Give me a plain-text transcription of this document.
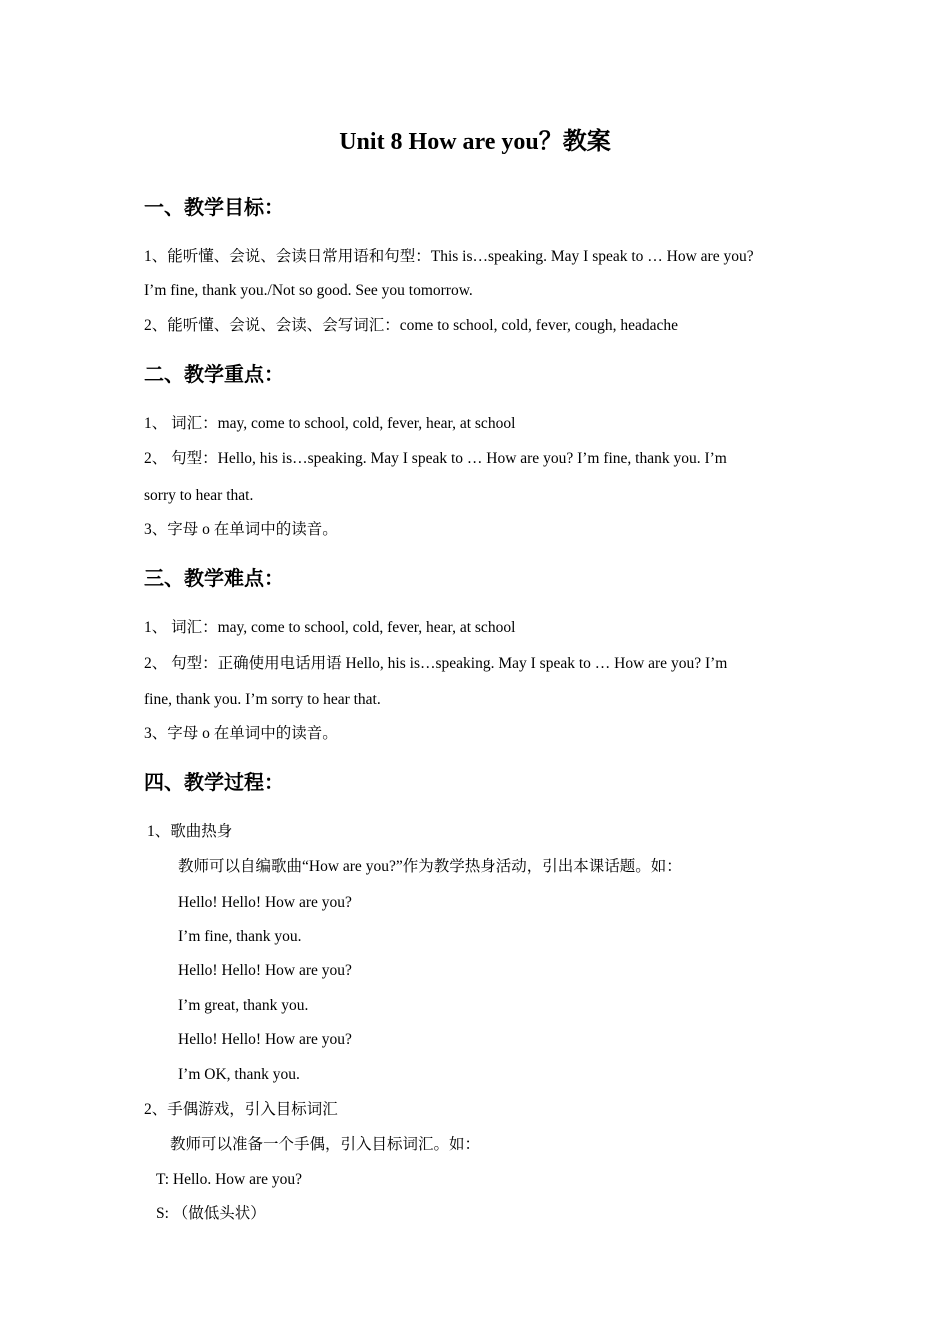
Unit 8 How are you？教案
一、教学目标：
1、能听懂、会说、会读日常用语和句型：This is…speaking. May I speak to … How are you?
I’m fine, thank you./Not so good. See you tomorrow.
2、能听懂、会说、会读、会写词汇：come to school, cold, fever, cough, headache
二、教学重点：
1、 词汇：may, come to school, cold, fever, hear, at school
2、 句型：Hello, his is…speaking. May I speak to … How are you? I’m fine, thank you. I’m
sorry to hear that.
3、字母 o 在单词中的读音。
三、教学难点：
1、 词汇：may, come to school, cold, fever, hear, at school
2、 句型：正确使用电话用语 Hello, his is…speaking. May I speak to … How are you? I’m
fine, thank you. I’m sorry to hear that.
3、字母 o 在单词中的读音。
四、教学过程：
1、歌曲热身
教师可以自编歌曲“How are you?”作为教学热身活动，引出本课话题。如：
Hello! Hello! How are you?
I’m fine, thank you.
Hello! Hello! How are you?
I’m great, thank you.
Hello! Hello! How are you?
I’m OK, thank you.
2、手偶游戏，引入目标词汇
教师可以准备一个手偶，引入目标词汇。如：
T: Hello. How are you?
S: （做低头状）
